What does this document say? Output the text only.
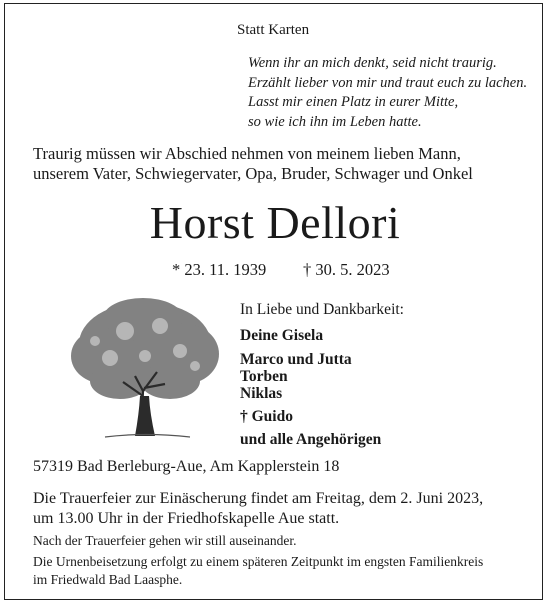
Statt Karten
Wenn ihr an mich denkt, seid nicht traurig.
Erzählt lieber von mir und traut euch zu lachen.
Lasst mir einen Platz in eurer Mitte,
so wie ich ihn im Leben hatte.
Traurig müssen wir Abschied nehmen von meinem lieben Mann,
unserem Vater, Schwiegervater, Opa, Bruder, Schwager und Onkel
Horst Dellori
* 23. 11. 1939 † 30. 5. 2023
In Liebe und Dankbarkeit:
Deine Gisela
Marco und Jutta
Torben
Niklas
† Guido
und alle Angehörigen
57319 Bad Berleburg-Aue, Am Kapplerstein 18
Die Trauerfeier zur Einäscherung findet am Freitag, dem 2. Juni 2023,
um 13.00 Uhr in der Friedhofskapelle Aue statt.
Nach der Trauerfeier gehen wir still auseinander.
Die Urnenbeisetzung erfolgt zu einem späteren Zeitpunkt im engsten Familienkreis
im Friedwald Bad Laasphe.
